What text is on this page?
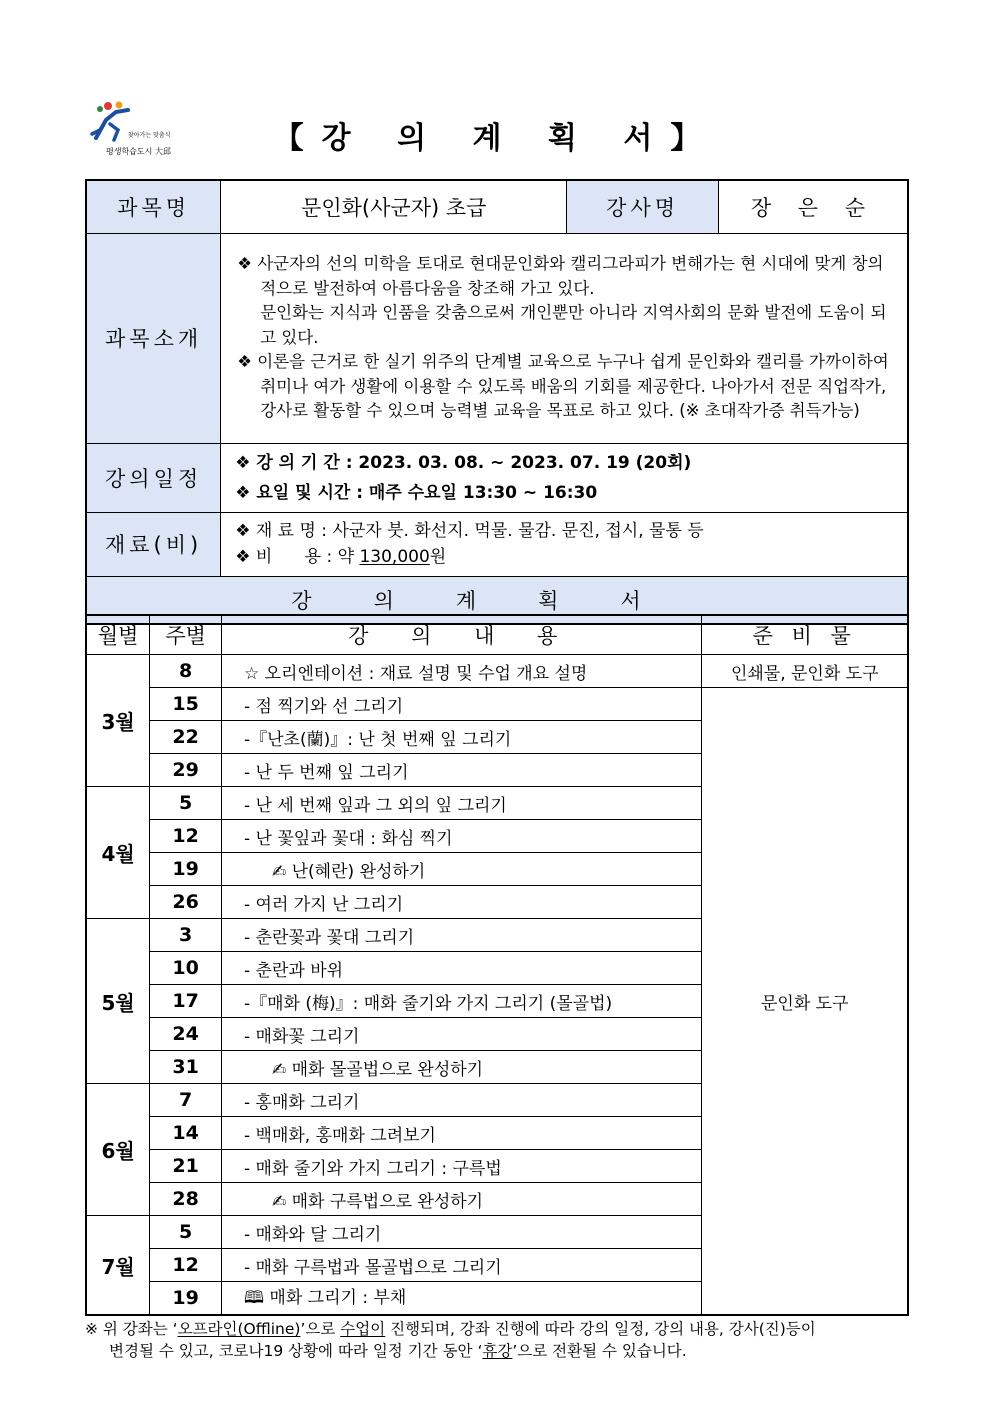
찾아가는 맞춤식
평생학습도시 大邱	【강 의 계 획 서】
과목명	문인화(사군자) 초급	강사명	장 은 순
과목소개	❖ 사군자의 선의 미학을 토대로 현대문인화와 캘리그라피가 변해가는 현 시대에 맞게 창의적으로 발전하여 아름다움을 창조해 가고 있다.
문인화는 지식과 인품을 갖춤으로써 개인뿐만 아니라 지역사회의 문화 발전에 도움이 되고 있다.
❖ 이론을 근거로 한 실기 위주의 단계별 교육으로 누구나 쉽게 문인화와 캘리를 가까이하여 취미나 여가 생활에 이용할 수 있도록 배움의 기회를 제공한다. 나아가서 전문 직업작가, 강사로 활동할 수 있으며 능력별 교육을 목표로 하고 있다. (※ 초대작가증 취득가능)		

강의일정	❖ 강 의 기 간 : 2023. 03. 08. ~ 2023. 07. 19 (20회)
❖ 요일 및 시간 : 매주 수요일 13:30 ~ 16:30		

재료(비)	❖ 재 료 명 : 사군자 붓. 화선지. 먹물. 물감. 문진, 접시, 물통 등
❖ 비      용 : 약 130,000원		

강의계획서			
월별	주별	강 의 내 용	준 비 물
3월	8	☆ 오리엔테이션 : 재료 설명 및 수업 개요 설명	인쇄물, 문인화 도구
	15	- 점 찍기와 선 그리기	문인화 도구
	22	-『난초(蘭)』: 난 첫 번째 잎 그리기	
	29	- 난 두 번째 잎 그리기	
4월	5	- 난 세 번째 잎과 그 외의 잎 그리기	
	12	- 난 꽃잎과 꽃대 : 화심 찍기	
	19	✍ 난(혜란) 완성하기	
	26	- 여러 가지 난 그리기	
5월	3	- 춘란꽃과 꽃대 그리기	
	10	- 춘란과 바위	
	17	-『매화 (梅)』: 매화 줄기와 가지 그리기 (몰골법)	
	24	- 매화꽃 그리기	
	31	✍ 매화 몰골법으로 완성하기	
6월	7	- 홍매화 그리기	
	14	- 백매화, 홍매화 그려보기	
	21	- 매화 줄기와 가지 그리기 : 구륵법	
	28	✍ 매화 구륵법으로 완성하기	
7월	5	- 매화와 달 그리기	
	12	- 매화 구륵법과 몰골법으로 그리기	
	19	🕮 매화 그리기 : 부채	
※ 위 강좌는 ‘오프라인(Offline)’으로 수업이 진행되며, 강좌 진행에 따라 강의 일정, 강의 내용, 강사(진)등이
변경될 수 있고, 코로나19 상황에 따라 일정 기간 동안 ‘휴강’으로 전환될 수 있습니다.
